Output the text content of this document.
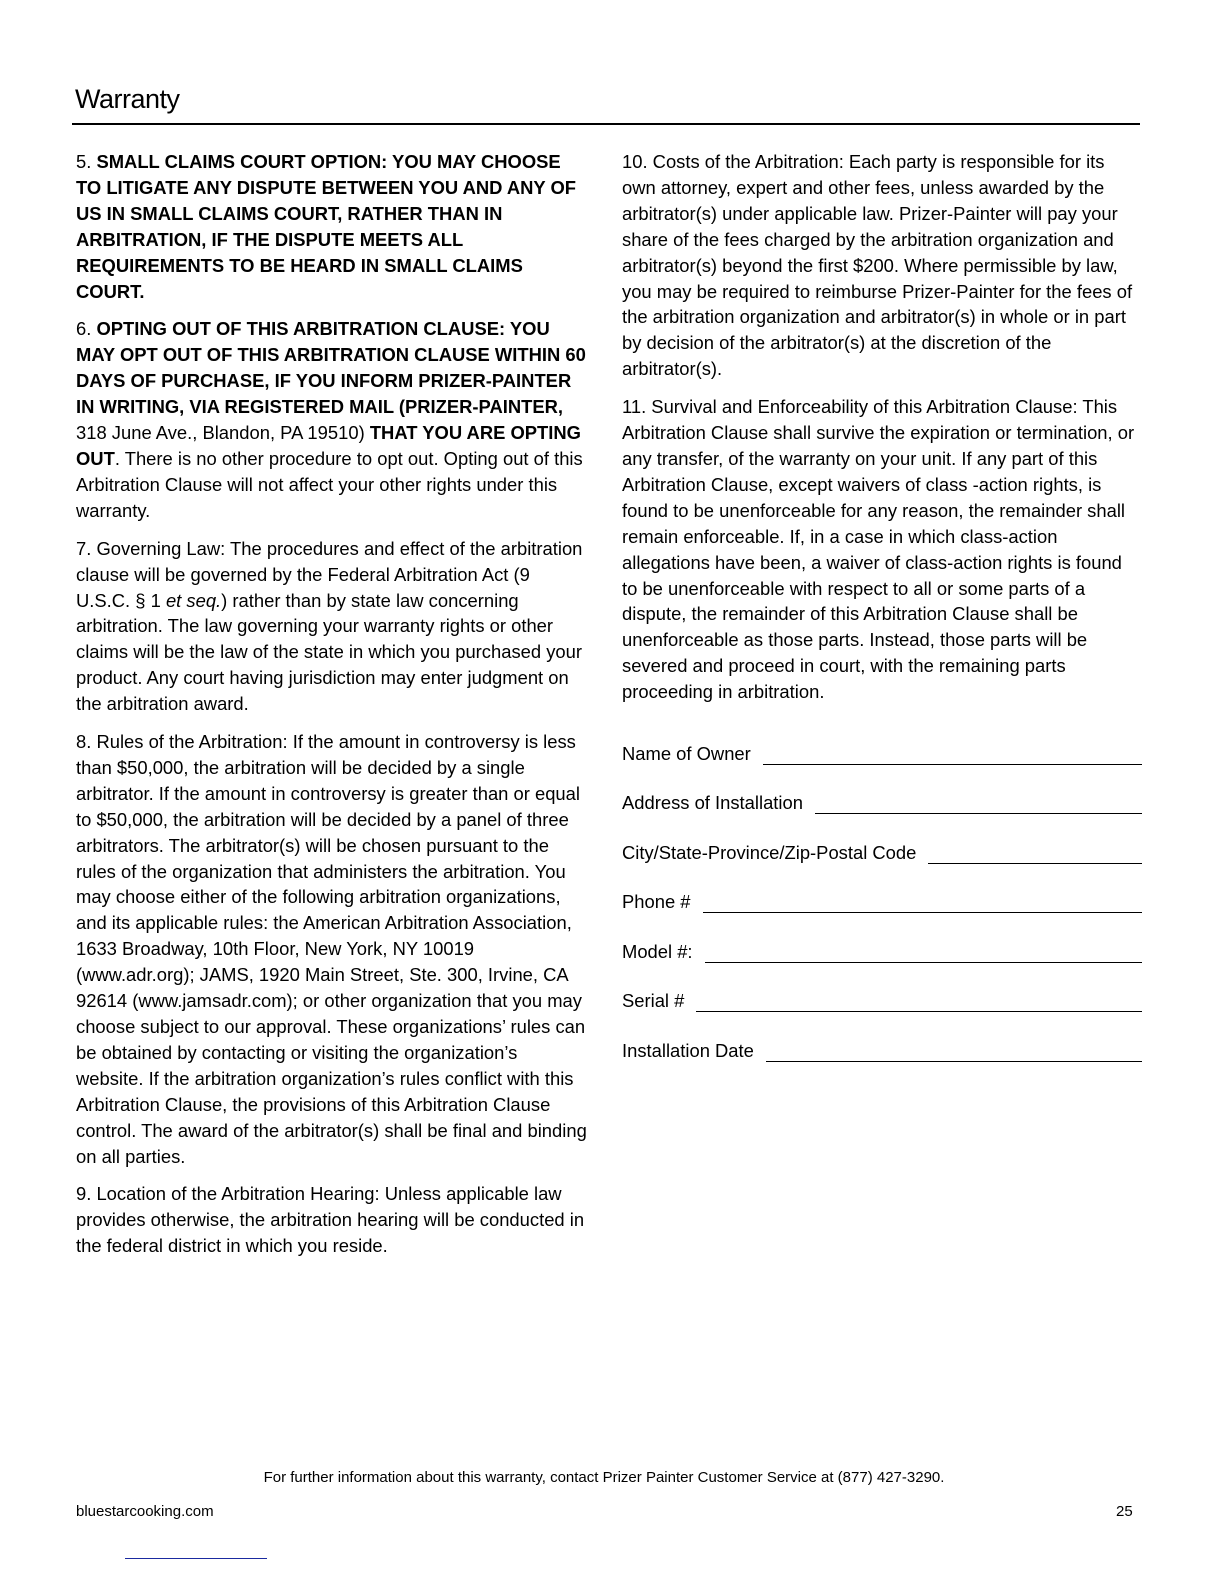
Warranty

5. SMALL CLAIMS COURT OPTION: YOU MAY CHOOSE TO LITIGATE ANY DISPUTE BETWEEN YOU AND ANY OF US IN SMALL CLAIMS COURT, RATHER THAN IN ARBITRATION, IF THE DISPUTE MEETS ALL REQUIREMENTS TO BE HEARD IN SMALL CLAIMS COURT.

6. OPTING OUT OF THIS ARBITRATION CLAUSE: YOU MAY OPT OUT OF THIS ARBITRATION CLAUSE WITHIN 60 DAYS OF PURCHASE, IF YOU INFORM PRIZER-PAINTER IN WRITING, VIA REGISTERED MAIL (PRIZER-PAINTER, 318 June Ave., Blandon, PA 19510) THAT YOU ARE OPTING OUT. There is no other procedure to opt out. Opting out of this Arbitration Clause will not affect your other rights under this warranty.

7. Governing Law: The procedures and effect of the arbitration clause will be governed by the Federal Arbitration Act (9 U.S.C. § 1 et seq.) rather than by state law concerning arbitration. The law governing your warranty rights or other claims will be the law of the state in which you purchased your product. Any court having jurisdiction may enter judgment on the arbitration award.

8. Rules of the Arbitration: If the amount in controversy is less than $50,000, the arbitration will be decided by a single arbitrator. If the amount in controversy is greater than or equal to $50,000, the arbitration will be decided by a panel of three arbitrators. The arbitrator(s) will be chosen pursuant to the rules of the organization that administers the arbitration. You may choose either of the following arbitration organizations, and its applicable rules: the American Arbitration Association, 1633 Broadway, 10th Floor, New York, NY 10019 (www.adr.org); JAMS, 1920 Main Street, Ste. 300, Irvine, CA 92614 (www.jamsadr.com); or other organization that you may choose subject to our approval. These organizations’ rules can be obtained by contacting or visiting the organization’s website. If the arbitration organization’s rules conflict with this Arbitration Clause, the provisions of this Arbitration Clause control. The award of the arbitrator(s) shall be final and binding on all parties.

9. Location of the Arbitration Hearing: Unless applicable law provides otherwise, the arbitration hearing will be conducted in the federal district in which you reside.

10. Costs of the Arbitration: Each party is responsible for its own attorney, expert and other fees, unless awarded by the arbitrator(s) under applicable law. Prizer-Painter will pay your share of the fees charged by the arbitration organization and arbitrator(s) beyond the first $200. Where permissible by law, you may be required to reimburse Prizer-Painter for the fees of the arbitration organization and arbitrator(s) in whole or in part by decision of the arbitrator(s) at the discretion of the arbitrator(s).

11. Survival and Enforceability of this Arbitration Clause: This Arbitration Clause shall survive the expiration or termination, or any transfer, of the warranty on your unit. If any part of this Arbitration Clause, except waivers of class -action rights, is found to be unenforceable for any reason, the remainder shall remain enforceable. If, in a case in which class-action allegations have been, a waiver of class-action rights is found to be unenforceable with respect to all or some parts of a dispute, the remainder of this Arbitration Clause shall be unenforceable as those parts. Instead, those parts will be severed and proceed in court, with the remaining parts proceeding in arbitration.

Name of Owner
Address of Installation
City/State-Province/Zip-Postal Code
Phone #
Model #:
Serial #
Installation Date
For further information about this warranty, contact Prizer Painter Customer Service at (877) 427-3290.
bluestarcooking.com	25
